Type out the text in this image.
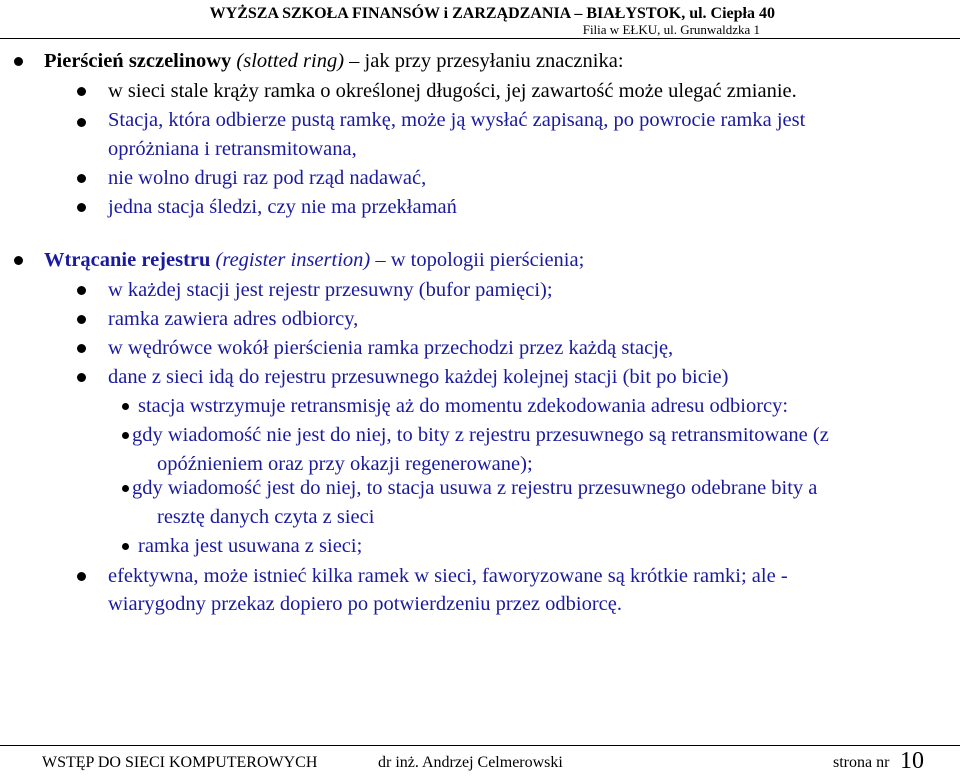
WYŻSZA SZKOŁA FINANSÓW i ZARZĄDZANIA – BIAŁYSTOK, ul. Ciepła 40
Filia w EŁKU, ul. Grunwaldzka 1
Pierścień szczelinowy (slotted ring) – jak przy przesyłaniu znacznika:
w sieci stale krąży ramka o określonej długości, jej zawartość może ulegać zmianie.
Stacja, która odbierze pustą ramkę, może ją wysłać zapisaną, po powrocie ramka jest
opróżniana i retransmitowana,
nie wolno drugi raz pod rząd nadawać,
jedna stacja śledzi, czy nie ma przekłamań
Wtrącanie rejestru (register insertion) – w topologii pierścienia;
w każdej stacji jest rejestr przesuwny (bufor pamięci);
ramka zawiera adres odbiorcy,
w wędrówce wokół pierścienia ramka przechodzi przez każdą stację,
dane z sieci idą do rejestru przesuwnego każdej kolejnej stacji (bit po bicie)
stacja wstrzymuje retransmisję aż do momentu zdekodowania adresu odbiorcy:
gdy wiadomość nie jest do niej, to bity z rejestru przesuwnego są retransmitowane (z
opóźnieniem oraz przy okazji regenerowane);
gdy wiadomość jest do niej, to stacja usuwa z rejestru przesuwnego odebrane bity a
resztę danych czyta z sieci
ramka jest usuwana z sieci;
efektywna, może istnieć kilka ramek w sieci, faworyzowane są krótkie ramki; ale -
wiarygodny przekaz dopiero po potwierdzeniu przez odbiorcę.
WSTĘP DO SIECI KOMPUTEROWYCH	dr inż. Andrzej Celmerowski	strona nr 10
